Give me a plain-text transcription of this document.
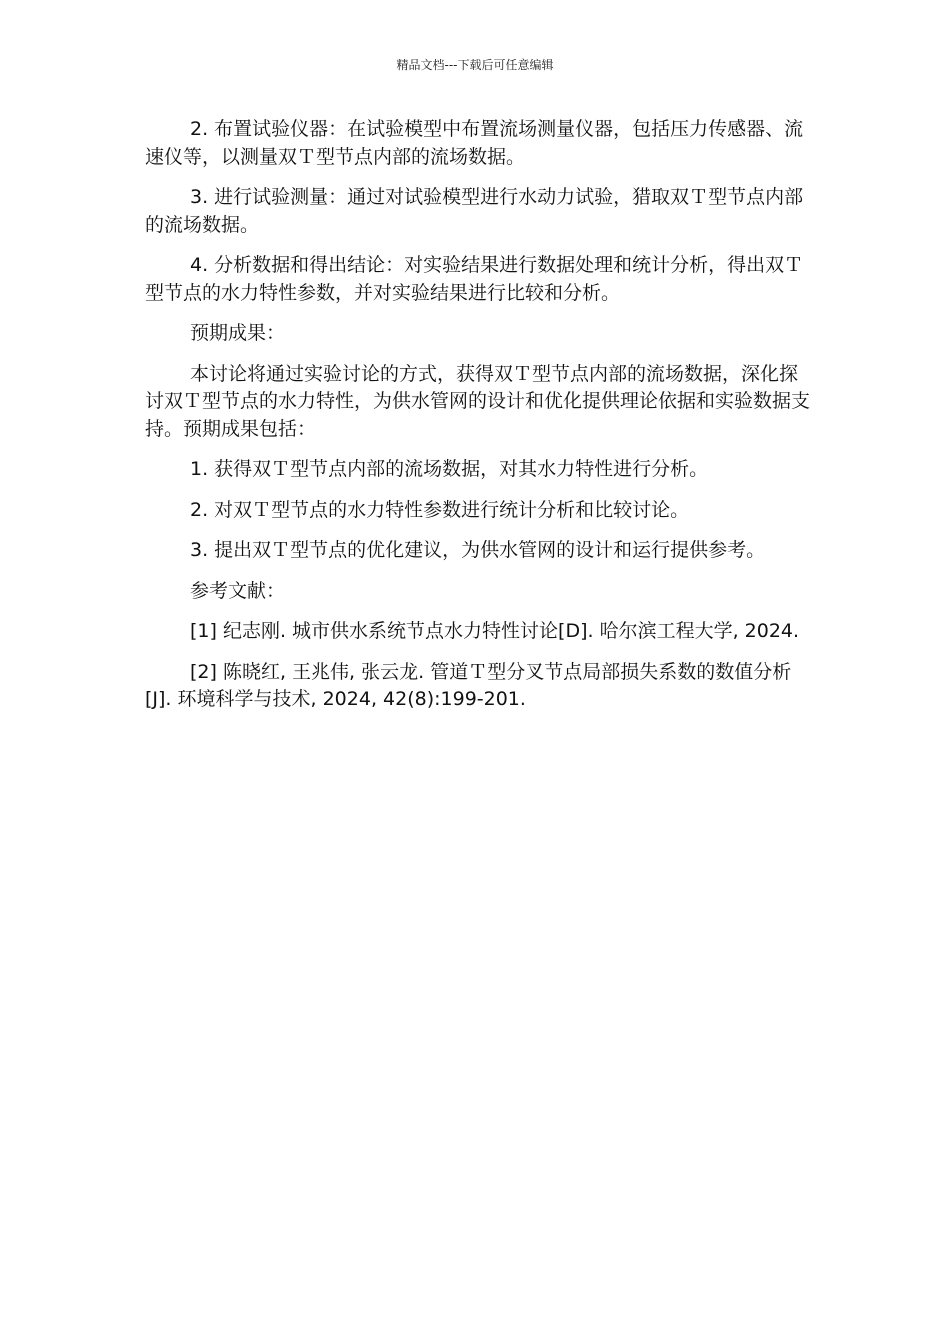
精品文档---下载后可任意编辑

2. 布置试验仪器：在试验模型中布置流场测量仪器，包括压力传感器、流速仪等，以测量双Ｔ型节点内部的流场数据。

3. 进行试验测量：通过对试验模型进行水动力试验，猎取双Ｔ型节点内部的流场数据。

4. 分析数据和得出结论：对实验结果进行数据处理和统计分析，得出双Ｔ型节点的水力特性参数，并对实验结果进行比较和分析。

预期成果：

本讨论将通过实验讨论的方式，获得双Ｔ型节点内部的流场数据，深化探讨双Ｔ型节点的水力特性，为供水管网的设计和优化提供理论依据和实验数据支持。预期成果包括：

1. 获得双Ｔ型节点内部的流场数据，对其水力特性进行分析。

2. 对双Ｔ型节点的水力特性参数进行统计分析和比较讨论。

3. 提出双Ｔ型节点的优化建议，为供水管网的设计和运行提供参考。

参考文献：

[1] 纪志刚. 城市供水系统节点水力特性讨论[D]. 哈尔滨工程大学, 2024.

[2] 陈晓红, 王兆伟, 张云龙. 管道Ｔ型分叉节点局部损失系数的数值分析[J]. 环境科学与技术, 2024, 42(8):199-201.
